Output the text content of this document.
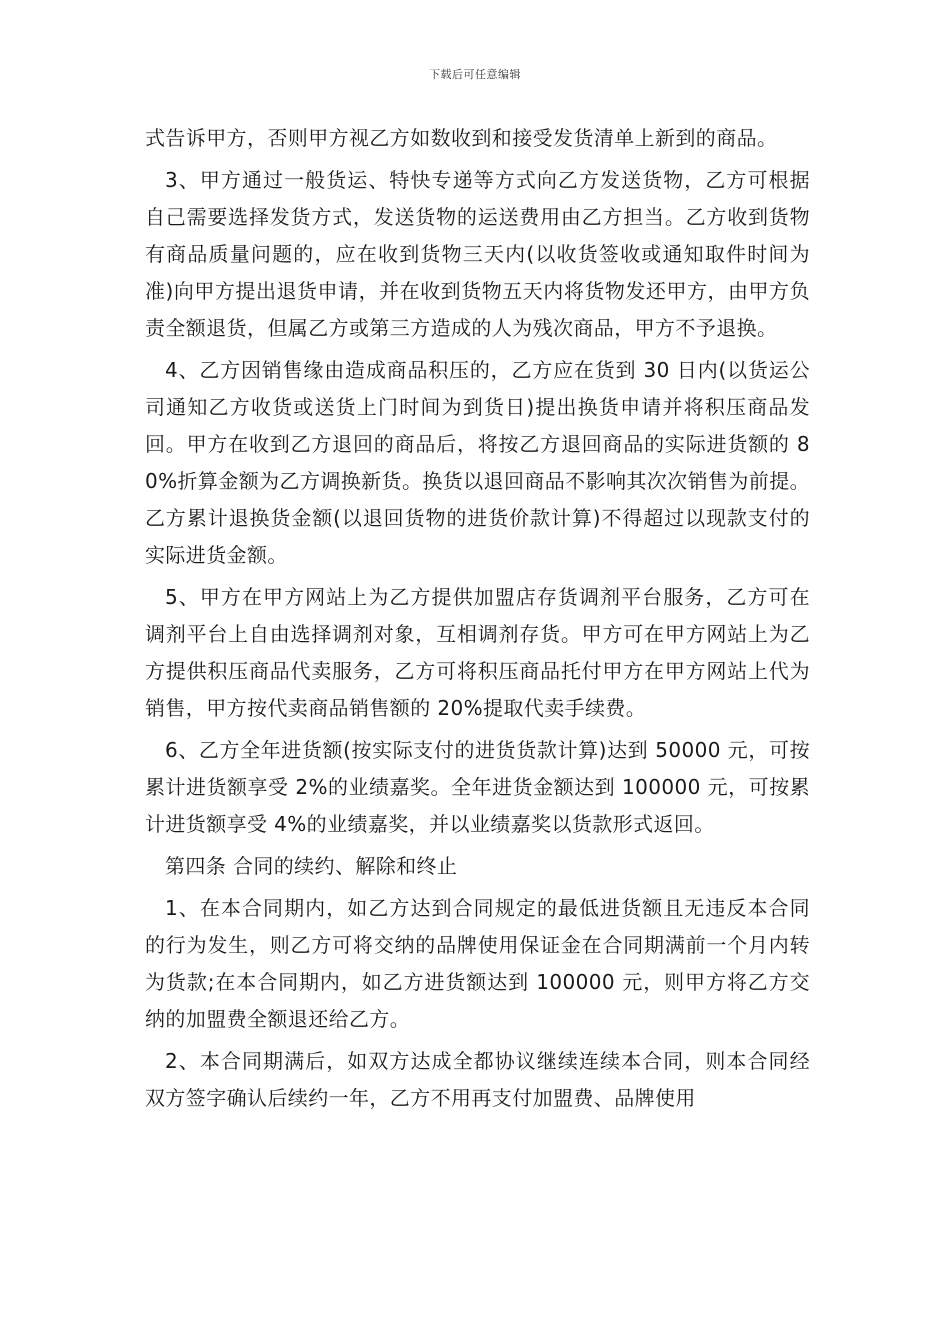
下载后可任意编辑

式告诉甲方，否则甲方视乙方如数收到和接受发货清单上新到的商品。

3、甲方通过一般货运、特快专递等方式向乙方发送货物，乙方可根据自己需要选择发货方式，发送货物的运送费用由乙方担当。乙方收到货物有商品质量问题的，应在收到货物三天内(以收货签收或通知取件时间为准)向甲方提出退货申请，并在收到货物五天内将货物发还甲方，由甲方负责全额退货，但属乙方或第三方造成的人为残次商品，甲方不予退换。

4、乙方因销售缘由造成商品积压的，乙方应在货到 30 日内(以货运公司通知乙方收货或送货上门时间为到货日)提出换货申请并将积压商品发回。甲方在收到乙方退回的商品后，将按乙方退回商品的实际进货额的 80%折算金额为乙方调换新货。换货以退回商品不影响其次次销售为前提。乙方累计退换货金额(以退回货物的进货价款计算)不得超过以现款支付的实际进货金额。

5、甲方在甲方网站上为乙方提供加盟店存货调剂平台服务，乙方可在调剂平台上自由选择调剂对象，互相调剂存货。甲方可在甲方网站上为乙方提供积压商品代卖服务，乙方可将积压商品托付甲方在甲方网站上代为销售，甲方按代卖商品销售额的 20%提取代卖手续费。

6、乙方全年进货额(按实际支付的进货货款计算)达到 50000 元，可按累计进货额享受 2%的业绩嘉奖。全年进货金额达到 100000 元，可按累计进货额享受 4%的业绩嘉奖，并以业绩嘉奖以货款形式返回。

第四条 合同的续约、解除和终止

1、在本合同期内，如乙方达到合同规定的最低进货额且无违反本合同的行为发生，则乙方可将交纳的品牌使用保证金在合同期满前一个月内转为货款;在本合同期内，如乙方进货额达到 100000 元，则甲方将乙方交纳的加盟费全额退还给乙方。

2、本合同期满后，如双方达成全都协议继续连续本合同，则本合同经双方签字确认后续约一年，乙方不用再支付加盟费、品牌使用
